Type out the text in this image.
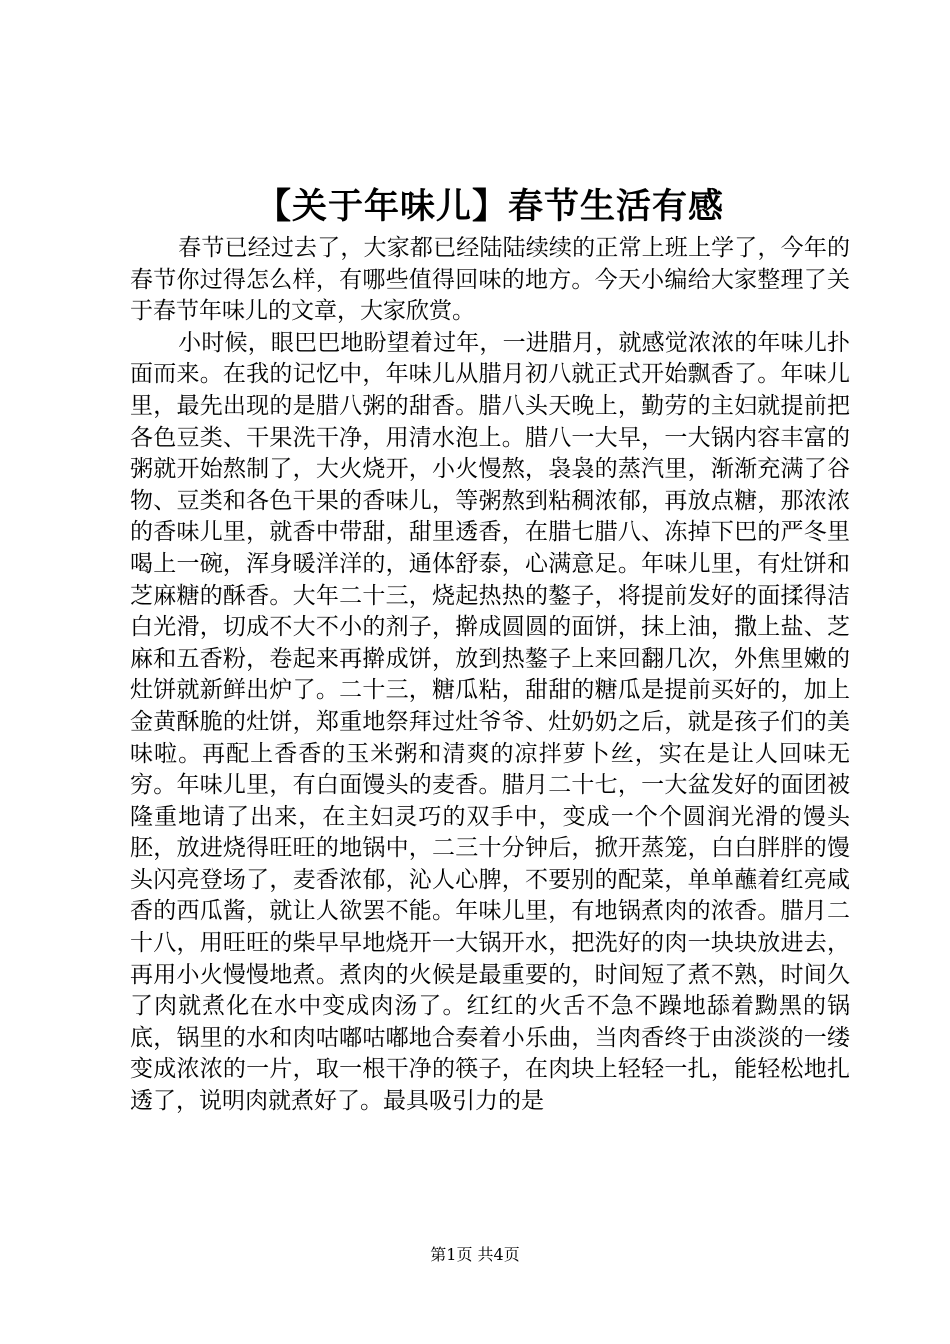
【关于年味儿】春节生活有感

春节已经过去了，大家都已经陆陆续续的正常上班上学了，今年的春节你过得怎么样，有哪些值得回味的地方。今天小编给大家整理了关于春节年味儿的文章，大家欣赏。

小时候，眼巴巴地盼望着过年，一进腊月，就感觉浓浓的年味儿扑面而来。在我的记忆中，年味儿从腊月初八就正式开始飘香了。年味儿里，最先出现的是腊八粥的甜香。腊八头天晚上，勤劳的主妇就提前把各色豆类、干果洗干净，用清水泡上。腊八一大早，一大锅内容丰富的粥就开始熬制了，大火烧开，小火慢熬，袅袅的蒸汽里，渐渐充满了谷物、豆类和各色干果的香味儿，等粥熬到粘稠浓郁，再放点糖，那浓浓的香味儿里，就香中带甜，甜里透香，在腊七腊八、冻掉下巴的严冬里喝上一碗，浑身暖洋洋的，通体舒泰，心满意足。年味儿里，有灶饼和芝麻糖的酥香。大年二十三，烧起热热的鏊子，将提前发好的面揉得洁白光滑，切成不大不小的剂子，擀成圆圆的面饼，抹上油，撒上盐、芝麻和五香粉，卷起来再擀成饼，放到热鏊子上来回翻几次，外焦里嫩的灶饼就新鲜出炉了。二十三，糖瓜粘，甜甜的糖瓜是提前买好的，加上金黄酥脆的灶饼，郑重地祭拜过灶爷爷、灶奶奶之后，就是孩子们的美味啦。再配上香香的玉米粥和清爽的凉拌萝卜丝，实在是让人回味无穷。年味儿里，有白面馒头的麦香。腊月二十七，一大盆发好的面团被隆重地请了出来，在主妇灵巧的双手中，变成一个个圆润光滑的馒头胚，放进烧得旺旺的地锅中，二三十分钟后，掀开蒸笼，白白胖胖的馒头闪亮登场了，麦香浓郁，沁人心脾，不要别的配菜，单单蘸着红亮咸香的西瓜酱，就让人欲罢不能。年味儿里，有地锅煮肉的浓香。腊月二十八，用旺旺的柴早早地烧开一大锅开水，把洗好的肉一块块放进去，再用小火慢慢地煮。煮肉的火候是最重要的，时间短了煮不熟，时间久了肉就煮化在水中变成肉汤了。红红的火舌不急不躁地舔着黝黑的锅底，锅里的水和肉咕嘟咕嘟地合奏着小乐曲，当肉香终于由淡淡的一缕变成浓浓的一片，取一根干净的筷子，在肉块上轻轻一扎，能轻松地扎透了，说明肉就煮好了。最具吸引力的是

第1页 共4页
